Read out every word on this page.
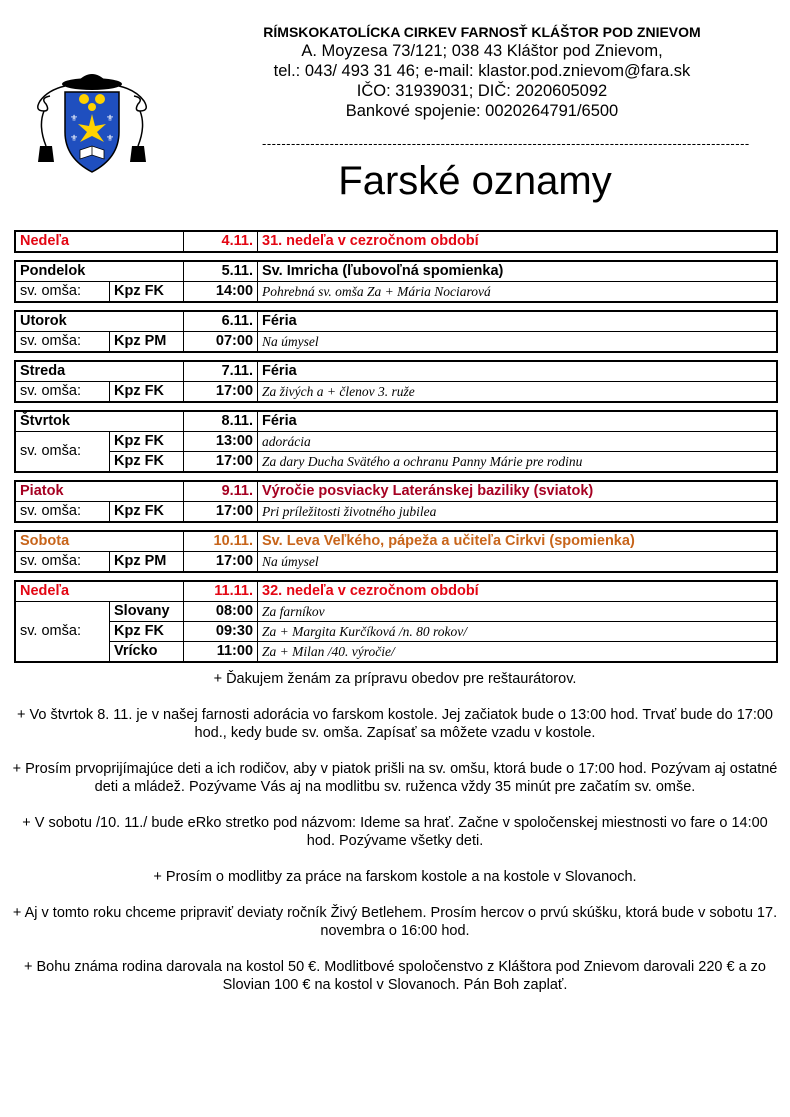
⚜	⚜
⚜	⚜
RÍMSKOKATOLÍCKA CIRKEV FARNOSŤ KLÁŠTOR POD ZNIEVOM
A. Moyzesa 73/121; 038 43 Kláštor pod Znievom,
tel.: 043/ 493 31 46; e-mail: klastor.pod.znievom@fara.sk
IČO: 31939031; DIČ: 2020605092
Bankové spojenie: 0020264791/6500
-----------------------------------------------------------------------------------------------------
Farské oznamy
Nedeľa	4.11.	31. nedeľa v cezročnom období
Pondelok		5.11.	Sv. Imricha (ľubovoľná spomienka)
sv. omša:	Kpz FK	14:00	Pohrebná sv. omša Za + Mária Nociarová
Utorok		6.11.	Féria
sv. omša:	Kpz PM	07:00	Na úmysel
Streda		7.11.	Féria
sv. omša:	Kpz FK	17:00	Za živých a + členov 3. ruže
Štvrtok		8.11.	Féria
sv. omša:	Kpz FK	13:00	adorácia
	Kpz FK	17:00	Za dary Ducha Svätého a ochranu Panny Márie pre rodinu
Piatok		9.11.	Výročie posviacky Lateránskej baziliky (sviatok)
sv. omša:	Kpz FK	17:00	Pri príležitosti životného jubilea
Sobota		10.11.	Sv. Leva Veľkého, pápeža a učiteľa Cirkvi (spomienka)
sv. omša:	Kpz PM	17:00	Na úmysel
Nedeľa		11.11.	32. nedeľa v cezročnom období
sv. omša:	Slovany	08:00	Za farníkov
	Kpz FK	09:30	Za + Margita Kurčíková /n. 80 rokov/
	Vrícko	11:00	Za + Milan /40. výročie/

+ Ďakujem ženám za prípravu obedov pre reštaurátorov.

+ Vo štvrtok 8. 11. je v našej farnosti adorácia vo farskom kostole. Jej začiatok bude o 13:00 hod. Trvať bude do 17:00 hod., kedy bude sv. omša. Zapísať sa môžete vzadu v kostole.

+ Prosím prvoprijímajúce deti a ich rodičov, aby v piatok prišli na sv. omšu, ktorá bude o 17:00 hod. Pozývam aj ostatné deti a mládež. Pozývame Vás aj na modlitbu sv. ruženca vždy 35 minút pre začatím sv. omše.

+ V sobotu /10. 11./ bude eRko stretko pod názvom: Ideme sa hrať. Začne v spoločenskej miestnosti vo fare o 14:00 hod. Pozývame všetky deti.

+ Prosím o modlitby za práce na farskom kostole a na kostole v Slovanoch.

+ Aj v tomto roku chceme pripraviť deviaty ročník Živý Betlehem. Prosím hercov o prvú skúšku, ktorá bude v sobotu 17. novembra o 16:00 hod.

+ Bohu známa rodina darovala na kostol 50 €. Modlitbové spoločenstvo z Kláštora pod Znievom darovali 220 € a zo Slovian 100 € na kostol v Slovanoch. Pán Boh zaplať.
